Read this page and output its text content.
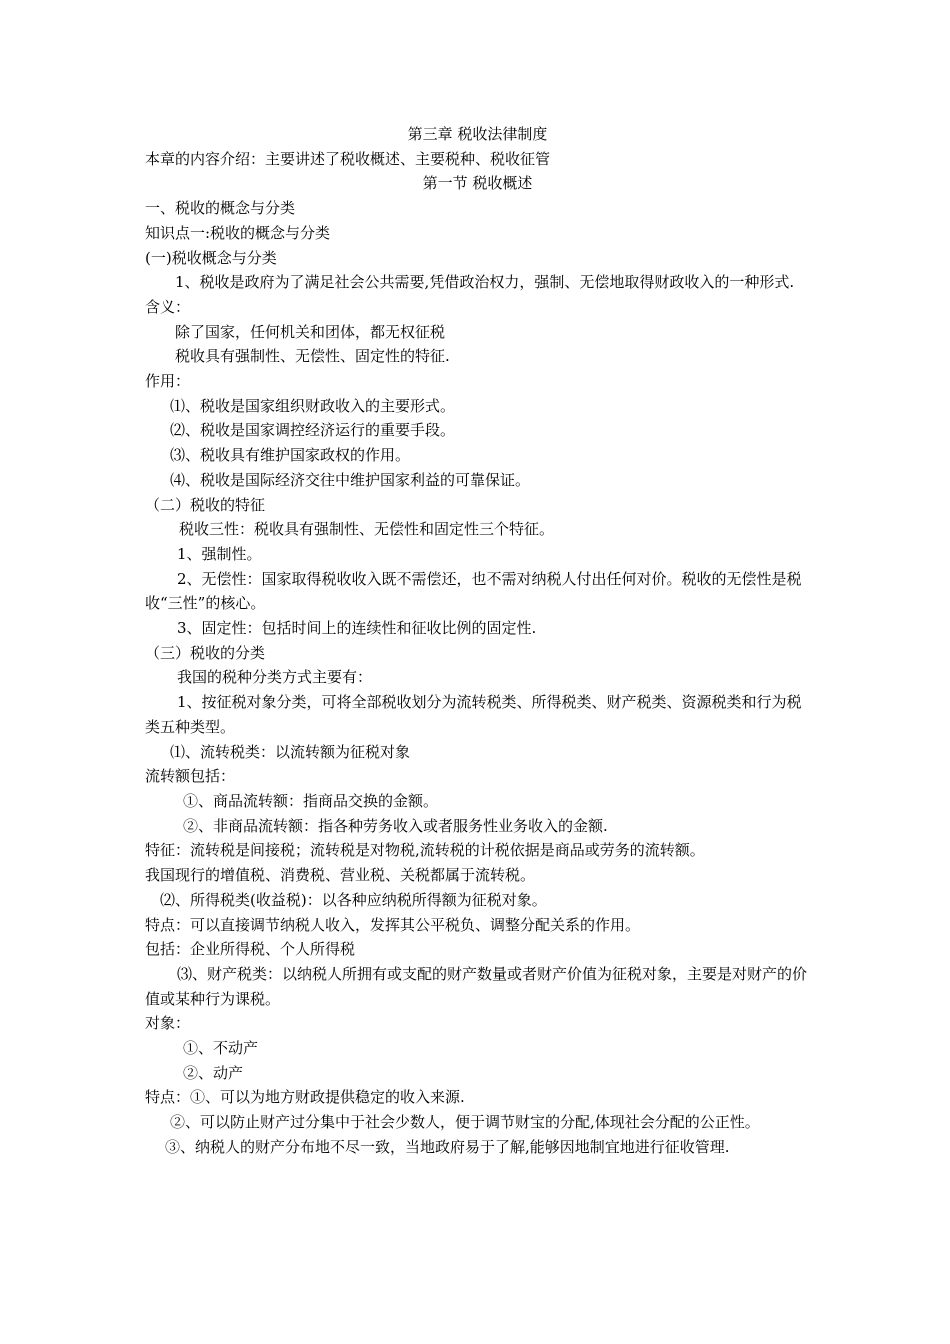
第三章 税收法律制度
本章的内容介绍：主要讲述了税收概述、主要税种、税收征管
第一节 税收概述
一、税收的概念与分类
知识点一:税收的概念与分类
(一)税收概念与分类
1、税收是政府为了满足社会公共需要,凭借政治权力，强制、无偿地取得财政收入的一种形式.
含义：
除了国家，任何机关和团体，都无权征税
税收具有强制性、无偿性、固定性的特征.
作用：
⑴、税收是国家组织财政收入的主要形式。
⑵、税收是国家调控经济运行的重要手段。
⑶、税收具有维护国家政权的作用。
⑷、税收是国际经济交往中维护国家利益的可靠保证。
（二）税收的特征
税收三性：税收具有强制性、无偿性和固定性三个特征。
1、强制性。
2、无偿性：国家取得税收收入既不需偿还，也不需对纳税人付出任何对价。税收的无偿性是税收“三性”的核心。
3、固定性：包括时间上的连续性和征收比例的固定性.
（三）税收的分类
我国的税种分类方式主要有：
1、按征税对象分类，可将全部税收划分为流转税类、所得税类、财产税类、资源税类和行为税类五种类型。
⑴、流转税类：以流转额为征税对象
流转额包括：
①、商品流转额：指商品交换的金额。
②、非商品流转额：指各种劳务收入或者服务性业务收入的金额.
特征：流转税是间接税；流转税是对物税,流转税的计税依据是商品或劳务的流转额。
我国现行的增值税、消费税、营业税、关税都属于流转税。
⑵、所得税类(收益税)：以各种应纳税所得额为征税对象。
特点：可以直接调节纳税人收入，发挥其公平税负、调整分配关系的作用。
包括：企业所得税、个人所得税
⑶、财产税类：以纳税人所拥有或支配的财产数量或者财产价值为征税对象，主要是对财产的价值或某种行为课税。
对象：
①、不动产
②、动产
特点：①、可以为地方财政提供稳定的收入来源.
②、可以防止财产过分集中于社会少数人，便于调节财宝的分配,体现社会分配的公正性。
③、纳税人的财产分布地不尽一致，当地政府易于了解,能够因地制宜地进行征收管理.
